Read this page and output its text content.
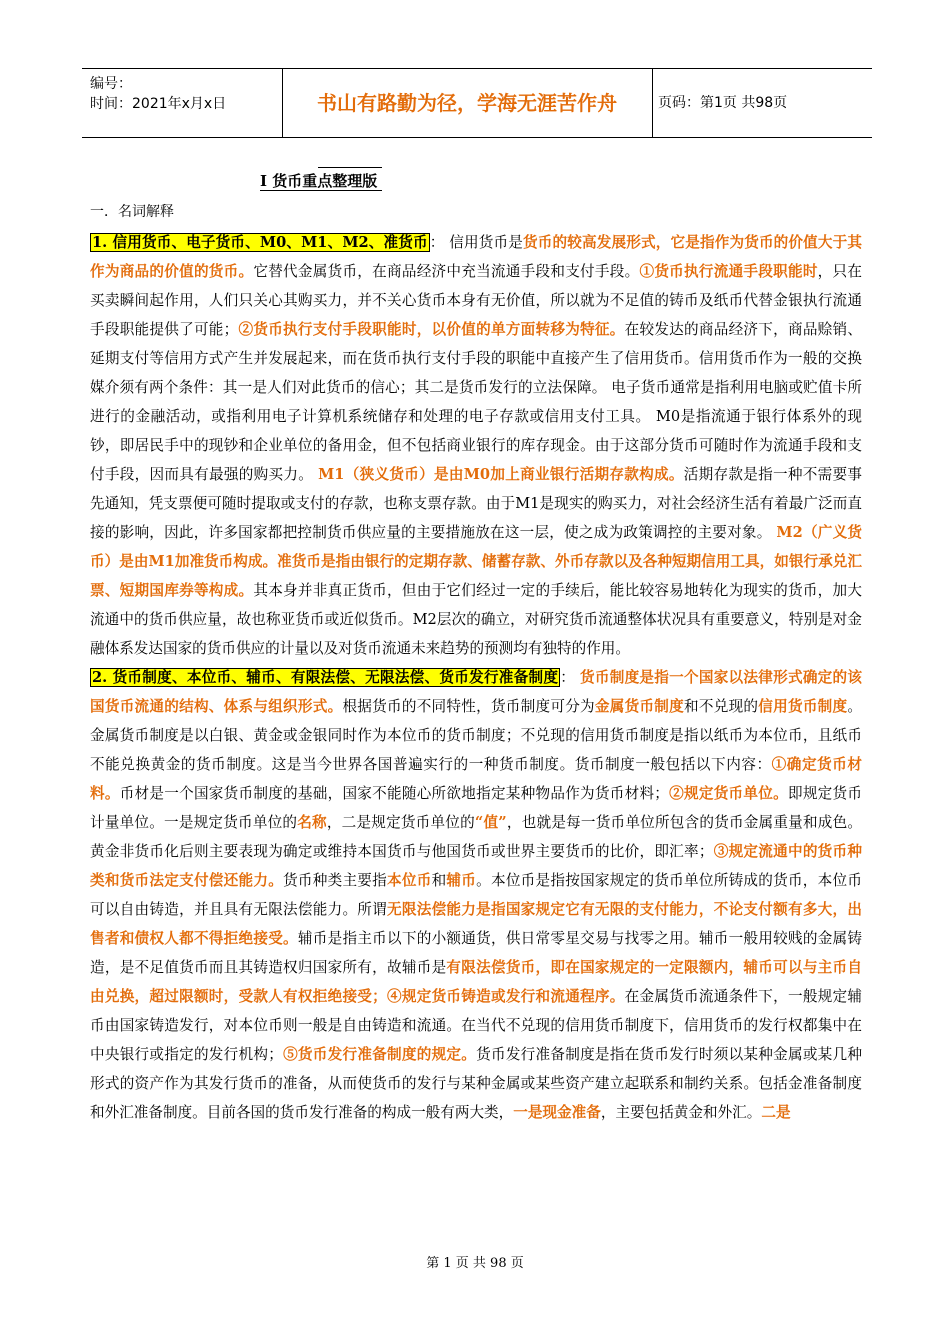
编号：
时间：2021年x月x日	书山有路勤为径，学海无涯苦作舟	页码：第1页 共98页
I 货币重点整理版
一．名词解释

1. 信用货币、电子货币、M0、M1、M2、准货币 ： 信用货币是货币的较高发展形式，它是指作为货币的价值大于其作为商品的价值的货币。它替代金属货币，在商品经济中充当流通手段和支付手段。①货币执行流通手段职能时，只在买卖瞬间起作用，人们只关心其购买力，并不关心货币本身有无价值，所以就为不足值的铸币及纸币代替金银执行流通手段职能提供了可能；②货币执行支付手段职能时，以价值的单方面转移为特征。在较发达的商品经济下，商品赊销、延期支付等信用方式产生并发展起来，而在货币执行支付手段的职能中直接产生了信用货币。信用货币作为一般的交换媒介须有两个条件：其一是人们对此货币的信心；其二是货币发行的立法保障。 电子货币通常是指利用电脑或贮值卡所进行的金融活动，或指利用电子计算机系统储存和处理的电子存款或信用支付工具。 M0是指流通于银行体系外的现钞，即居民手中的现钞和企业单位的备用金，但不包括商业银行的库存现金。由于这部分货币可随时作为流通手段和支付手段，因而具有最强的购买力。 M1（狭义货币）是由M0加上商业银行活期存款构成。活期存款是指一种不需要事先通知，凭支票便可随时提取或支付的存款，也称支票存款。由于M1是现实的购买力，对社会经济生活有着最广泛而直接的影响，因此，许多国家都把控制货币供应量的主要措施放在这一层，使之成为政策调控的主要对象。 M2（广义货币）是由M1加准货币构成。准货币是指由银行的定期存款、储蓄存款、外币存款以及各种短期信用工具，如银行承兑汇票、短期国库券等构成。其本身并非真正货币，但由于它们经过一定的手续后，能比较容易地转化为现实的货币，加大流通中的货币供应量，故也称亚货币或近似货币。M2层次的确立，对研究货币流通整体状况具有重要意义，特别是对金融体系发达国家的货币供应的计量以及对货币流通未来趋势的预测均有独特的作用。

2. 货币制度、本位币、辅币、有限法偿、无限法偿、货币发行准备制度 ： 货币制度是指一个国家以法律形式确定的该国货币流通的结构、体系与组织形式。根据货币的不同特性，货币制度可分为金属货币制度和不兑现的信用货币制度。金属货币制度是以白银、黄金或金银同时作为本位币的货币制度；不兑现的信用货币制度是指以纸币为本位币，且纸币不能兑换黄金的货币制度。这是当今世界各国普遍实行的一种货币制度。货币制度一般包括以下内容：①确定货币材料。币材是一个国家货币制度的基础，国家不能随心所欲地指定某种物品作为货币材料；②规定货币单位。即规定货币计量单位。一是规定货币单位的名称，二是规定货币单位的“值”，也就是每一货币单位所包含的货币金属重量和成色。黄金非货币化后则主要表现为确定或维持本国货币与他国货币或世界主要货币的比价，即汇率；③规定流通中的货币种类和货币法定支付偿还能力。货币种类主要指本位币和辅币。本位币是指按国家规定的货币单位所铸成的货币，本位币可以自由铸造，并且具有无限法偿能力。所谓无限法偿能力是指国家规定它有无限的支付能力，不论支付额有多大，出售者和债权人都不得拒绝接受。辅币是指主币以下的小额通货，供日常零星交易与找零之用。辅币一般用较贱的金属铸造，是不足值货币而且其铸造权归国家所有，故辅币是有限法偿货币，即在国家规定的一定限额内，辅币可以与主币自由兑换，超过限额时，受款人有权拒绝接受；④规定货币铸造或发行和流通程序。在金属货币流通条件下，一般规定辅币由国家铸造发行，对本位币则一般是自由铸造和流通。在当代不兑现的信用货币制度下，信用货币的发行权都集中在中央银行或指定的发行机构；⑤货币发行准备制度的规定。货币发行准备制度是指在货币发行时须以某种金属或某几种形式的资产作为其发行货币的准备，从而使货币的发行与某种金属或某些资产建立起联系和制约关系。包括金准备制度和外汇准备制度。目前各国的货币发行准备的构成一般有两大类，一是现金准备，主要包括黄金和外汇。二是

第 1 页 共 98 页
